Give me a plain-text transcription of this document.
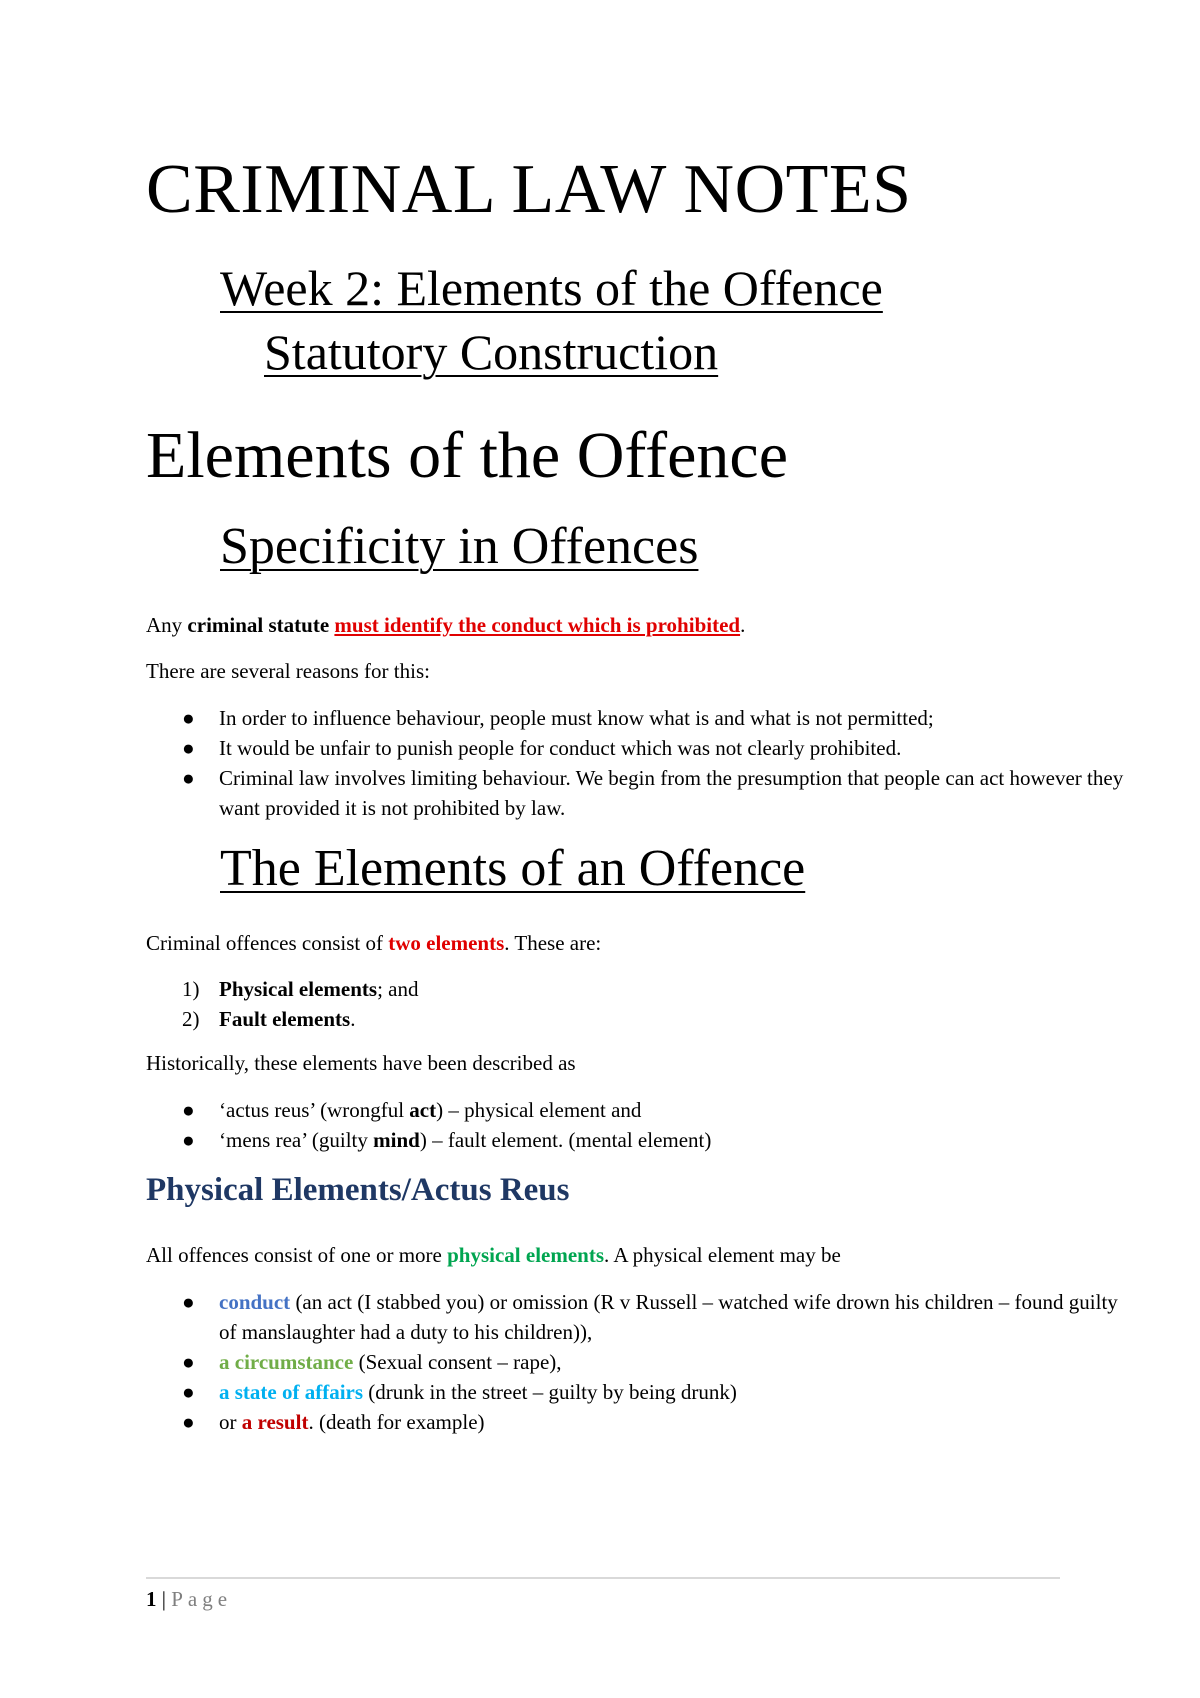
CRIMINAL LAW NOTES
Week 2: Elements of the Offence
Statutory Construction
Elements of the Offence
Specificity in Offences
Any criminal statute must identify the conduct which is prohibited.
There are several reasons for this:
● In order to influence behaviour, people must know what is and what is not permitted;
● It would be unfair to punish people for conduct which was not clearly prohibited.
● Criminal law involves limiting behaviour. We begin from the presumption that people can act however they want provided it is not prohibited by law.
The Elements of an Offence
Criminal offences consist of two elements. These are:
1) Physical elements; and
2) Fault elements.
Historically, these elements have been described as
● ‘actus reus’ (wrongful act) – physical element and
● ‘mens rea’ (guilty mind) – fault element. (mental element)
Physical Elements/Actus Reus
All offences consist of one or more physical elements. A physical element may be
● conduct (an act (I stabbed you) or omission (R v Russell – watched wife drown his children – found guilty of manslaughter had a duty to his children)),
● a circumstance (Sexual consent – rape),
● a state of affairs (drunk in the street – guilty by being drunk)
● or a result. (death for example)
1 | Page
